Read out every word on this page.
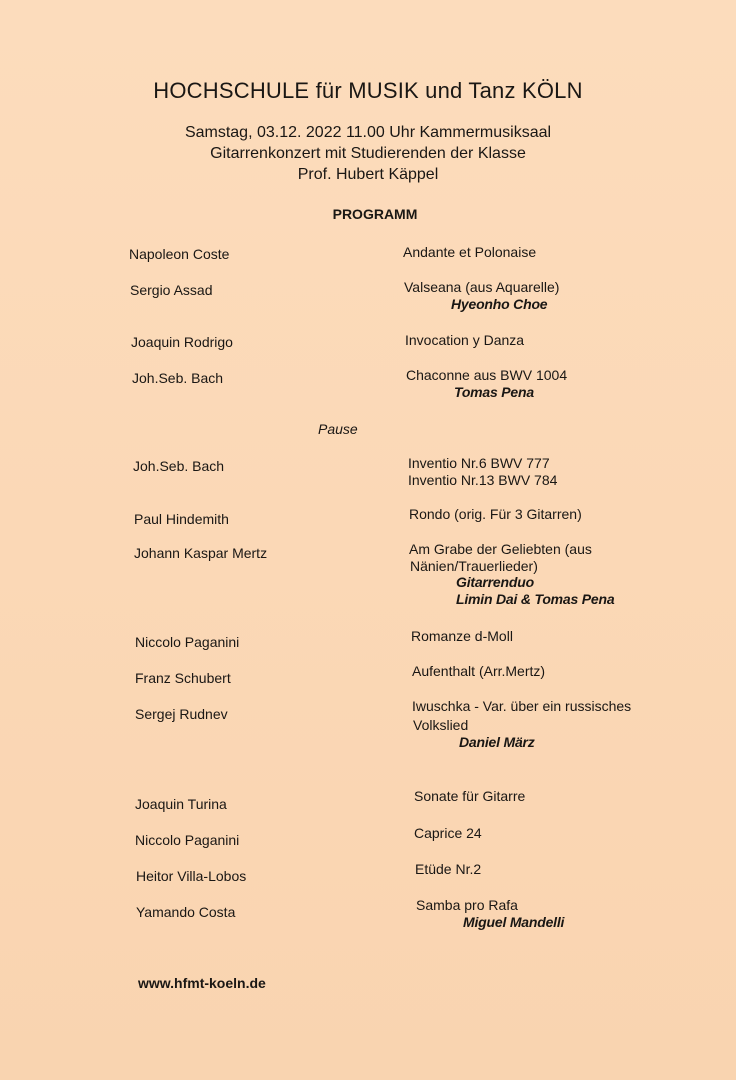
HOCHSCHULE für MUSIK und Tanz KÖLN
Samstag, 03.12. 2022 11.00 Uhr Kammermusiksaal
Gitarrenkonzert mit Studierenden der Klasse
Prof. Hubert Käppel
PROGRAMM
Napoleon Coste	Andante et Polonaise
Sergio Assad	Valseana (aus Aquarelle)
Hyeonho Choe
Joaquin Rodrigo	Invocation y Danza
Joh.Seb. Bach	Chaconne aus BWV 1004
Tomas Pena
Pause
Joh.Seb. Bach	Inventio Nr.6 BWV 777
Inventio Nr.13 BWV 784
Paul Hindemith	Rondo (orig. Für 3 Gitarren)
Johann Kaspar Mertz	Am Grabe der Geliebten (aus
Nänien/Trauerlieder)
Gitarrenduo
Limin Dai & Tomas Pena
Niccolo Paganini	Romanze d-Moll
Franz Schubert	Aufenthalt (Arr.Mertz)
Sergej Rudnev	Iwuschka - Var. über ein russisches
Volkslied
Daniel März
Joaquin Turina	Sonate für Gitarre
Niccolo Paganini	Caprice 24
Heitor Villa-Lobos	Etüde Nr.2
Yamando Costa	Samba pro Rafa
Miguel Mandelli
www.hfmt-koeln.de
